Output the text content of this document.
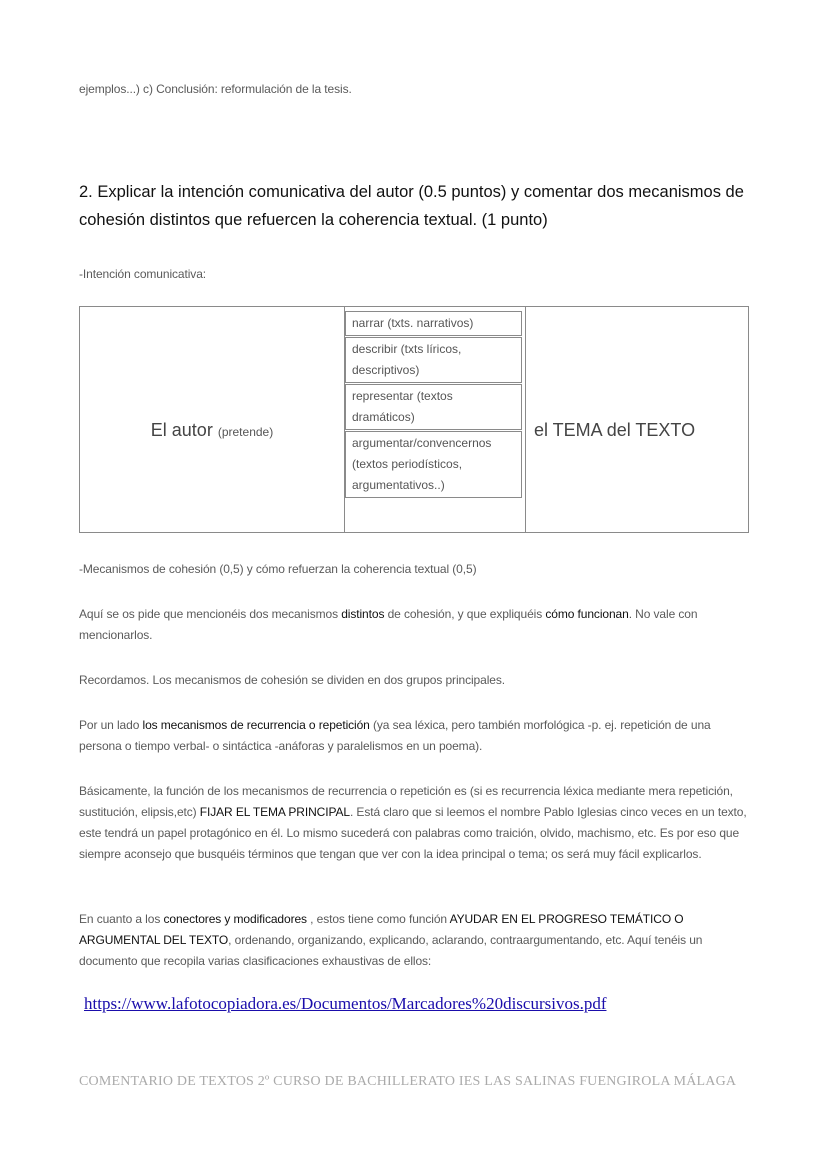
ejemplos...) c) Conclusión: reformulación de la tesis.
2. Explicar la intención comunicativa del autor (0.5 puntos) y comentar dos mecanismos de cohesión distintos que refuercen la coherencia textual. (1 punto)
-Intención comunicativa:
El autor (pretende)
narrar (txts. narrativos)
describir (txts líricos, descriptivos)
representar (textos dramáticos)
argumentar/convencernos (textos periodísticos, argumentativos..)
el TEMA del TEXTO
-Mecanismos de cohesión (0,5) y cómo refuerzan la coherencia textual (0,5)
Aquí se os pide que mencionéis dos mecanismos distintos de cohesión, y que expliquéis cómo funcionan. No vale con mencionarlos.
Recordamos. Los mecanismos de cohesión se dividen en dos grupos principales.
Por un lado los mecanismos de recurrencia o repetición (ya sea léxica, pero también morfológica -p. ej. repetición de una persona o tiempo verbal- o sintáctica -anáforas y paralelismos en un poema).
Básicamente, la función de los mecanismos de recurrencia o repetición es (si es recurrencia léxica mediante mera repetición, sustitución, elipsis,etc) FIJAR EL TEMA PRINCIPAL. Está claro que si leemos el nombre Pablo Iglesias cinco veces en un texto, este tendrá un papel protagónico en él. Lo mismo sucederá con palabras como traición, olvido, machismo, etc. Es por eso que siempre aconsejo que busquéis términos que tengan que ver con la idea principal o tema; os será muy fácil explicarlos.
En cuanto a los conectores y modificadores , estos tiene como función AYUDAR EN EL PROGRESO TEMÁTICO O ARGUMENTAL DEL TEXTO, ordenando, organizando, explicando, aclarando, contraargumentando, etc. Aquí tenéis un documento que recopila varias clasificaciones exhaustivas de ellos:
https://www.lafotocopiadora.es/Documentos/Marcadores%20discursivos.pdf
COMENTARIO DE TEXTOS 2º CURSO DE BACHILLERATO IES LAS SALINAS FUENGIROLA MÁLAGA
